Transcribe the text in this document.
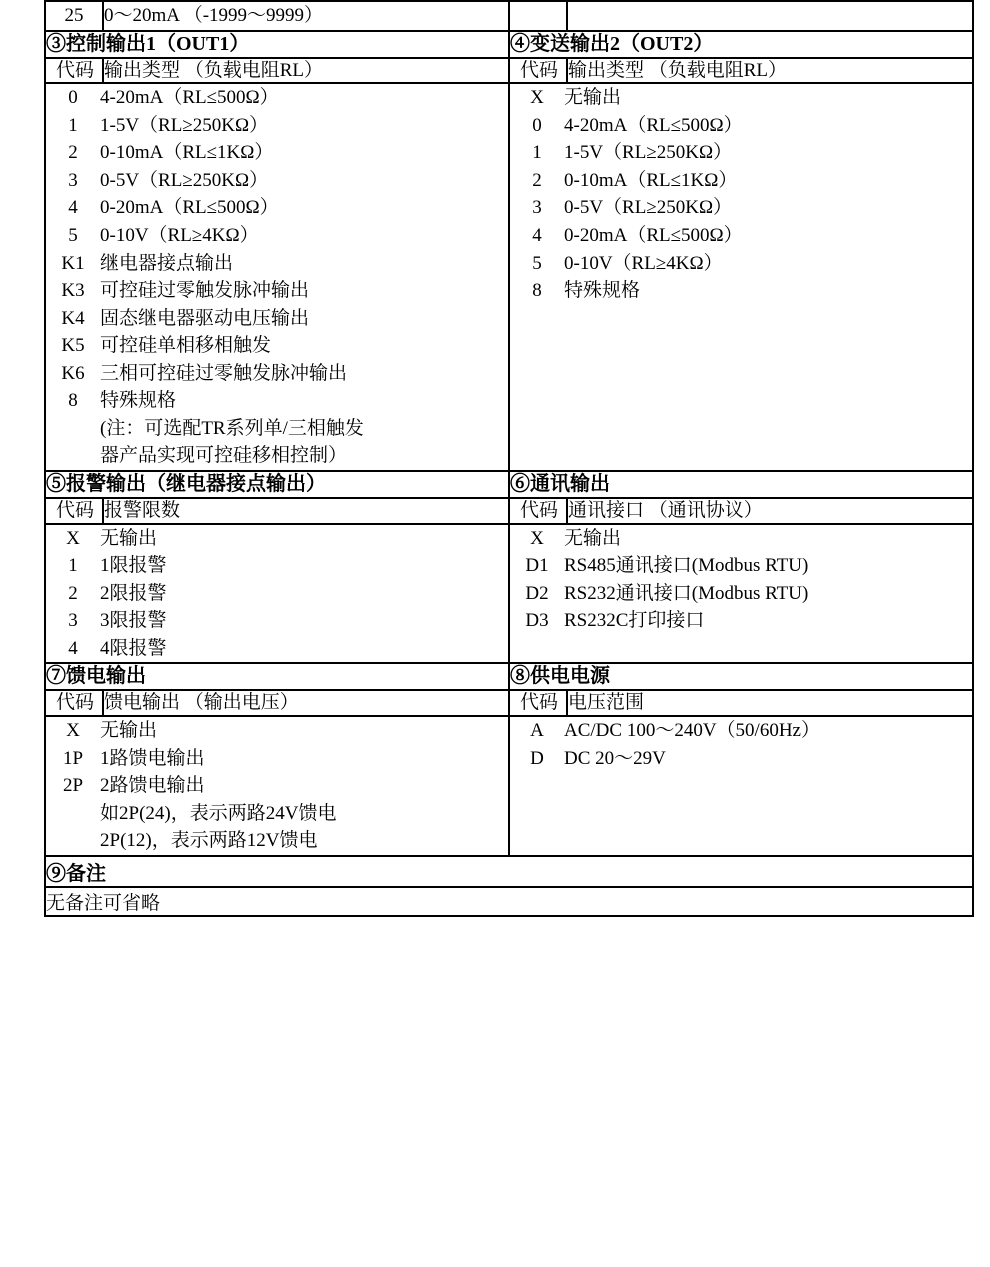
25	0～20mA （-1999～9999）		
③控制输出1（OUT1）	④变送输出2（OUT2）
代码	输出类型 （负载电阻RL）	代码	输出类型 （负载电阻RL）

0	4-20mA（RL≤500Ω）
1	1-5V（RL≥250KΩ）
2	0-10mA（RL≤1KΩ）
3	0-5V（RL≥250KΩ）
4	0-20mA（RL≤500Ω）
5	0-10V（RL≥4KΩ）
K1	继电器接点输出
K3	可控硅过零触发脉冲输出
K4	固态继电器驱动电压输出
K5	可控硅单相移相触发
K6	三相可控硅过零触发脉冲输出
8	特殊规格
	(注：可选配TR系列单/三相触发
	器产品实现可控硅移相控制）

X	无输出
0	4-20mA（RL≤500Ω）
1	1-5V（RL≥250KΩ）
2	0-10mA（RL≤1KΩ）
3	0-5V（RL≥250KΩ）
4	0-20mA（RL≤500Ω）
5	0-10V（RL≥4KΩ）
8	特殊规格

⑤报警输出（继电器接点输出）	⑥通讯输出
代码	报警限数	代码	通讯接口 （通讯协议）

X	无输出
1	1限报警
2	2限报警
3	3限报警
4	4限报警

X	无输出
D1	RS485通讯接口(Modbus RTU)
D2	RS232通讯接口(Modbus RTU)
D3	RS232C打印接口

⑦馈电输出	⑧供电电源
代码	馈电输出 （输出电压）	代码	电压范围

X	无输出
1P	1路馈电输出
2P	2路馈电输出
	如2P(24)，表示两路24V馈电
	2P(12)，表示两路12V馈电

A	AC/DC 100～240V（50/60Hz）
D	DC 20～29V

⑨备注
无备注可省略
